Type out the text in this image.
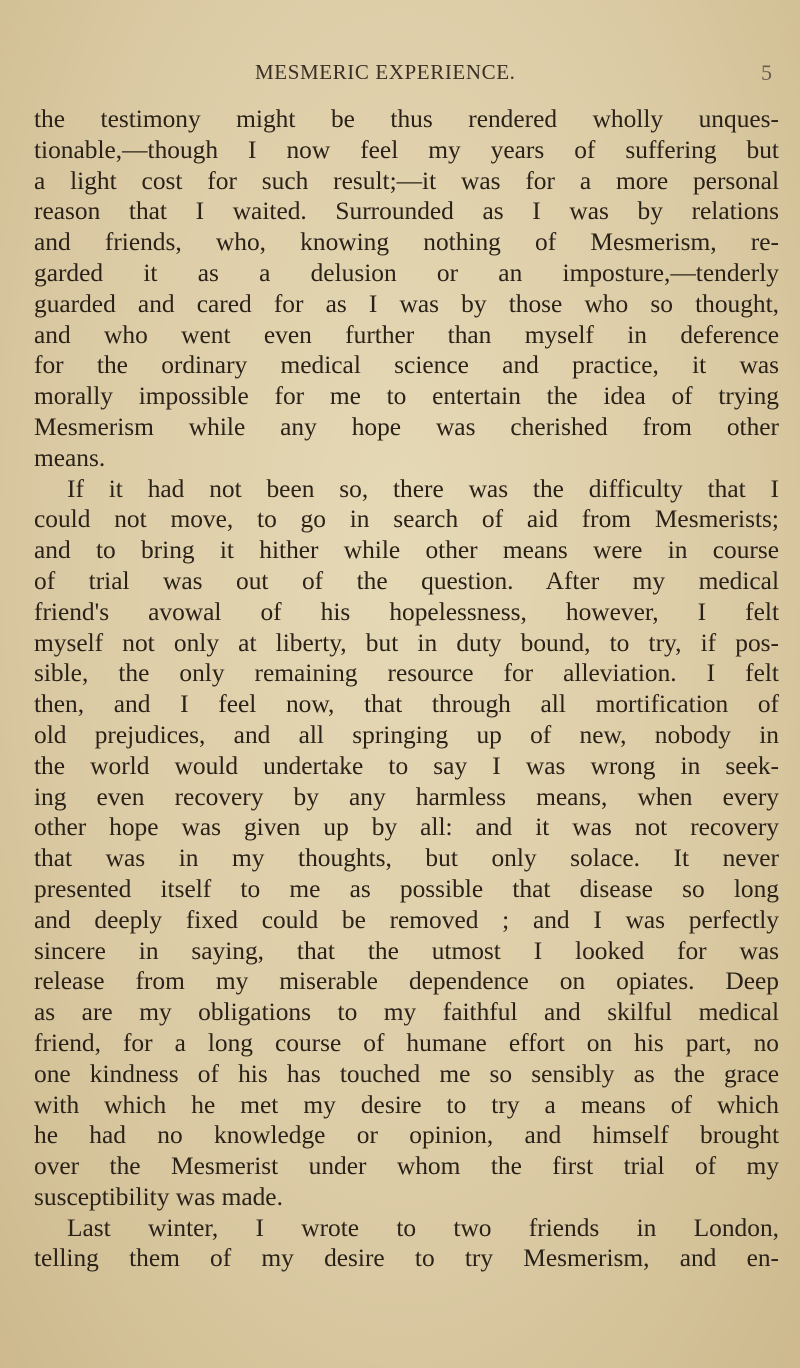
MESMERIC EXPERIENCE.	5
the testimony might be thus rendered wholly unques-
tionable,—though I now feel my years of suffering but
a light cost for such result;—it was for a more personal
reason that I waited. Surrounded as I was by relations
and friends, who, knowing nothing of Mesmerism, re-
garded it as a delusion or an imposture,—tenderly
guarded and cared for as I was by those who so thought,
and who went even further than myself in deference
for the ordinary medical science and practice, it was
morally impossible for me to entertain the idea of trying
Mesmerism while any hope was cherished from other
means.
If it had not been so, there was the difficulty that I
could not move, to go in search of aid from Mesmerists;
and to bring it hither while other means were in course
of trial was out of the question. After my medical
friend's avowal of his hopelessness, however, I felt
myself not only at liberty, but in duty bound, to try, if pos-
sible, the only remaining resource for alleviation. I felt
then, and I feel now, that through all mortification of
old prejudices, and all springing up of new, nobody in
the world would undertake to say I was wrong in seek-
ing even recovery by any harmless means, when every
other hope was given up by all: and it was not recovery
that was in my thoughts, but only solace. It never
presented itself to me as possible that disease so long
and deeply fixed could be removed ; and I was perfectly
sincere in saying, that the utmost I looked for was
release from my miserable dependence on opiates. Deep
as are my obligations to my faithful and skilful medical
friend, for a long course of humane effort on his part, no
one kindness of his has touched me so sensibly as the grace
with which he met my desire to try a means of which
he had no knowledge or opinion, and himself brought
over the Mesmerist under whom the first trial of my
susceptibility was made.
Last winter, I wrote to two friends in London,
telling them of my desire to try Mesmerism, and en-
